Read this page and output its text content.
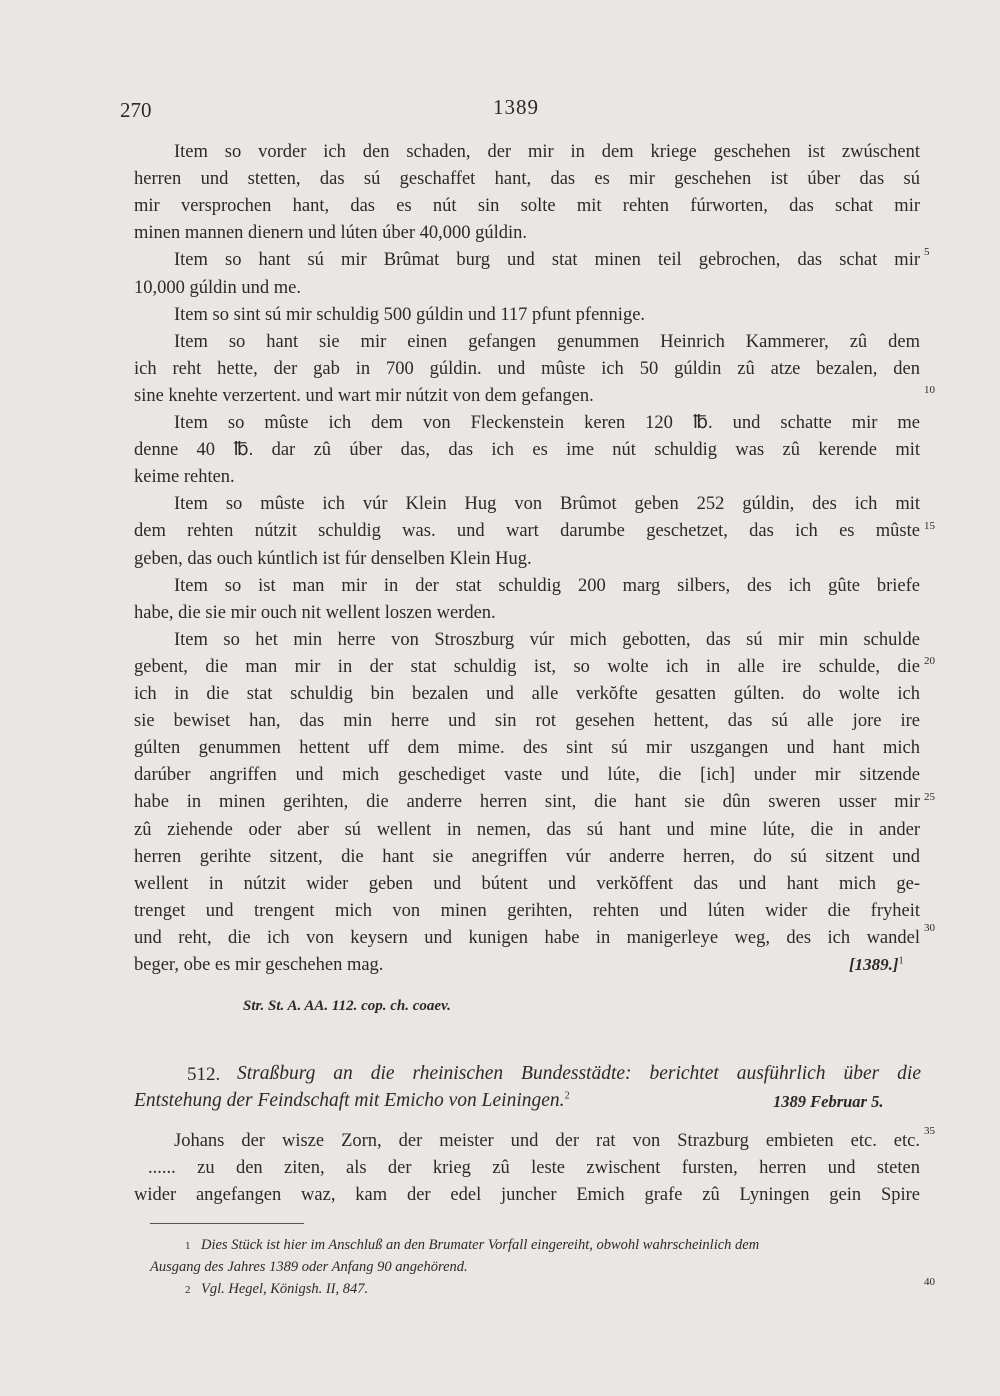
270	1389
Item so vorder ich den schaden, der mir in dem kriege geschehen ist zwúschent
herren und stetten, das sú geschaffet hant, das es mir geschehen ist úber das sú
mir versprochen hant, das es nút sin solte mit rehten fúrworten, das schat mir
minen mannen dienern und lúten úber 40,000 gúldin.
Item so hant sú mir Brûmat burg und stat minen teil gebrochen, das schat mir
10,000 gúldin und me.
Item so sint sú mir schuldig 500 gúldin und 117 pfunt pfennige.
Item so hant sie mir einen gefangen genummen Heinrich Kammerer, zû dem
ich reht hette, der gab in 700 gúldin. und mûste ich 50 gúldin zû atze bezalen, den
sine knehte verzertent. und wart mir nútzit von dem gefangen.
Item so mûste ich dem von Fleckenstein keren 120 ℔. und schatte mir me
denne 40 ℔. dar zû úber das, das ich es ime nút schuldig was zû kerende mit
keime rehten.
Item so mûste ich vúr Klein Hug von Brûmot geben 252 gúldin, des ich mit
dem rehten nútzit schuldig was. und wart darumbe geschetzet, das ich es mûste
geben, das ouch kúntlich ist fúr denselben Klein Hug.
Item so ist man mir in der stat schuldig 200 marg silbers, des ich gûte briefe
habe, die sie mir ouch nit wellent loszen werden.
Item so het min herre von Stroszburg vúr mich gebotten, das sú mir min schulde
gebent, die man mir in der stat schuldig ist, so wolte ich in alle ire schulde, die
ich in die stat schuldig bin bezalen und alle verkŏfte gesatten gúlten. do wolte ich
sie bewiset han, das min herre und sin rot gesehen hettent, das sú alle jore ire
gúlten genummen hettent uff dem mime. des sint sú mir uszgangen und hant mich
darúber angriffen und mich geschediget vaste und lúte, die [ich] under mir sitzende
habe in minen gerihten, die anderre herren sint, die hant sie dûn sweren usser mir
zû ziehende oder aber sú wellent in nemen, das sú hant und mine lúte, die in ander
herren gerihte sitzent, die hant sie anegriffen vúr anderre herren, do sú sitzent und
wellent in nútzit wider geben und bútent und verkŏffent das und hant mich ge-
trenget und trengent mich von minen gerihten, rehten und lúten wider die fryheit
und reht, die ich von keysern und kunigen habe in manigerleye weg, des ich wandel
beger, obe es mir geschehen mag.	$[1389.]^1$
Str. St. A. AA. 112. cop. ch. coaev.
512. Straßburg an die rheinischen Bundesstädte: berichtet ausführlich über die
Entstehung der Feindschaft mit Emicho von Leiningen.$^2$	1389 Februar 5.
Johans der wisze Zorn, der meister und der rat von Strazburg embieten etc. etc.
...... zu den ziten, als der krieg zû leste zwischent fursten, herren und steten
wider angefangen waz, kam der edel juncher Emich grafe zû Lyningen gein Spire
1 Dies Stück ist hier im Anschluß an den Brumater Vorfall eingereiht, obwohl wahrscheinlich dem
Ausgang des Jahres 1389 oder Anfang 90 angehörend.
2 Vgl. Hegel, Königsh. II, 847.
5
10
15
20
25
30
35
40
